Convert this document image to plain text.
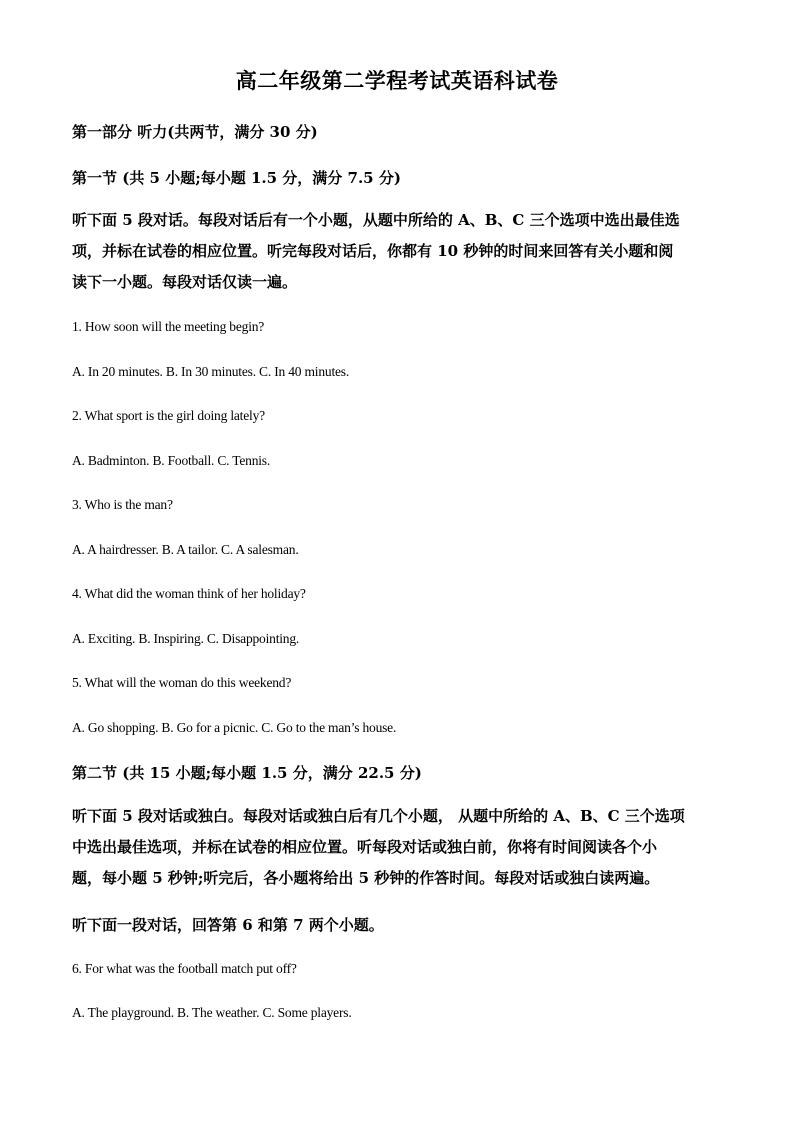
高二年级第二学程考试英语科试卷

第一部分 听力(共两节，满分 30 分)

第一节 (共 5 小题;每小题 1.5 分，满分 7.5 分)

听下面 5 段对话。每段对话后有一个小题，从题中所给的 A、B、C 三个选项中选出最佳选
项，并标在试卷的相应位置。听完每段对话后，你都有 10 秒钟的时间来回答有关小题和阅
读下一小题。每段对话仅读一遍。

1. How soon will the meeting begin?

A. In 20 minutes. B. In 30 minutes. C. In 40 minutes.

2. What sport is the girl doing lately?

A. Badminton. B. Football. C. Tennis.

3. Who is the man?

A. A hairdresser. B. A tailor. C. A salesman.

4. What did the woman think of her holiday?

A. Exciting. B. Inspiring. C. Disappointing.

5. What will the woman do this weekend?

A. Go shopping. B. Go for a picnic. C. Go to the man’s house.

第二节 (共 15 小题;每小题 1.5 分，满分 22.5 分)

听下面 5 段对话或独白。每段对话或独白后有几个小题， 从题中所给的 A、B、C 三个选项
中选出最佳选项，并标在试卷的相应位置。听每段对话或独白前，你将有时间阅读各个小
题，每小题 5 秒钟;听完后，各小题将给出 5 秒钟的作答时间。每段对话或独白读两遍。

听下面一段对话，回答第 6 和第 7 两个小题。

6. For what was the football match put off?

A. The playground. B. The weather. C. Some players.
